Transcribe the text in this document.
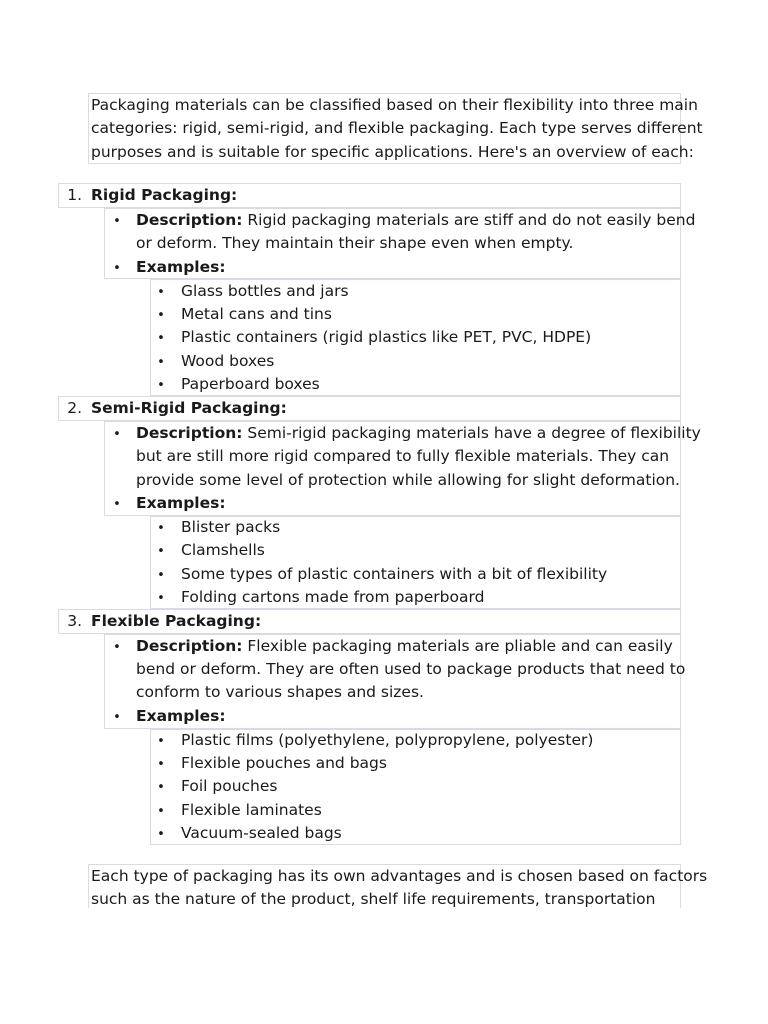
Packaging materials can be classified based on their flexibility into three main
categories: rigid, semi-rigid, and flexible packaging. Each type serves different
purposes and is suitable for specific applications. Here's an overview of each:
1. Rigid Packaging:
•
Description: Rigid packaging materials are stiff and do not easily bend
or deform. They maintain their shape even when empty.
•
Examples:
•
Glass bottles and jars
•
Metal cans and tins
•
Plastic containers (rigid plastics like PET, PVC, HDPE)
•
Wood boxes
•
Paperboard boxes
2. Semi-Rigid Packaging:
•
Description: Semi-rigid packaging materials have a degree of flexibility
but are still more rigid compared to fully flexible materials. They can
provide some level of protection while allowing for slight deformation.
•
Examples:
•
Blister packs
•
Clamshells
•
Some types of plastic containers with a bit of flexibility
•
Folding cartons made from paperboard
3. Flexible Packaging:
•
Description: Flexible packaging materials are pliable and can easily
bend or deform. They are often used to package products that need to
conform to various shapes and sizes.
•
Examples:
•
Plastic films (polyethylene, polypropylene, polyester)
•
Flexible pouches and bags
•
Foil pouches
•
Flexible laminates
•
Vacuum-sealed bags
Each type of packaging has its own advantages and is chosen based on factors
such as the nature of the product, shelf life requirements, transportation
